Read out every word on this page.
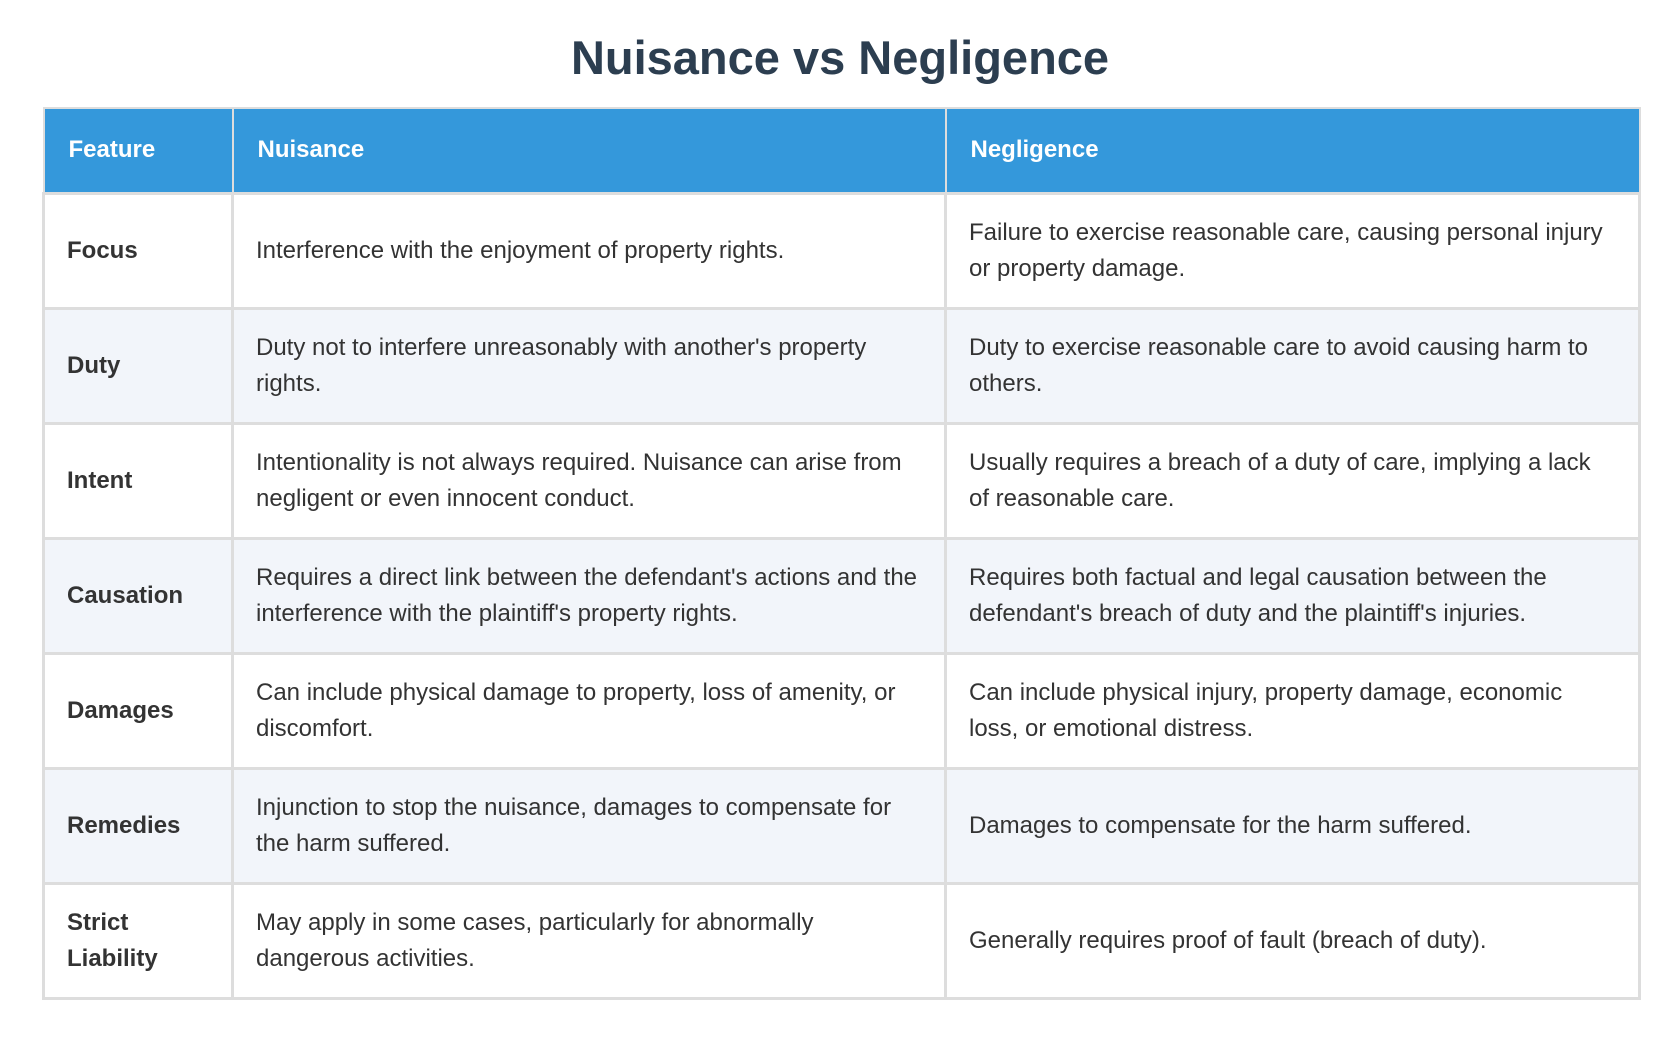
Nuisance vs Negligence
Feature	Nuisance	Negligence
Focus	Interference with the enjoyment of property rights.	Failure to exercise reasonable care, causing personal injury or property damage.
Duty	Duty not to interfere unreasonably with another's property rights.	Duty to exercise reasonable care to avoid causing harm to others.
Intent	Intentionality is not always required. Nuisance can arise from negligent or even innocent conduct.	Usually requires a breach of a duty of care, implying a lack of reasonable care.
Causation	Requires a direct link between the defendant's actions and the interference with the plaintiff's property rights.	Requires both factual and legal causation between the defendant's breach of duty and the plaintiff's injuries.
Damages	Can include physical damage to property, loss of amenity, or discomfort.	Can include physical injury, property damage, economic loss, or emotional distress.
Remedies	Injunction to stop the nuisance, damages to compensate for the harm suffered.	Damages to compensate for the harm suffered.
Strict Liability	May apply in some cases, particularly for abnormally dangerous activities.	Generally requires proof of fault (breach of duty).
